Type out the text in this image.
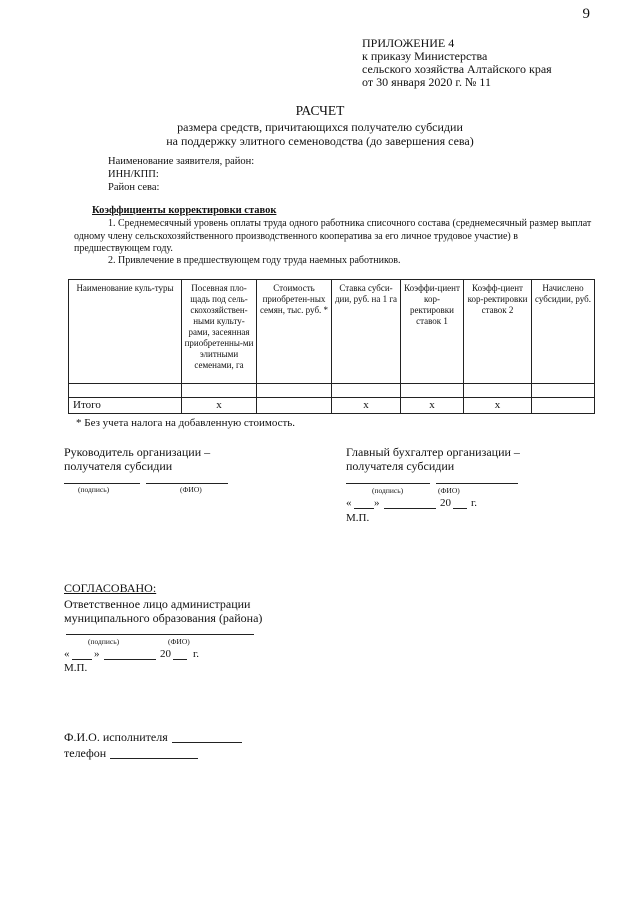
9
ПРИЛОЖЕНИЕ 4
к приказу Министерства
сельского хозяйства Алтайского края
от 30 января 2020 г. № 11
РАСЧЕТ
размера средств, причитающихся получателю субсидии
на поддержку элитного семеноводства (до завершения сева)
Наименование заявителя, район:
ИНН/КПП:
Район сева:
Коэффициенты корректировки ставок
1. Среднемесячный уровень оплаты труда одного работника списочного состава (среднемесячный размер выплат одному члену сельскохозяйственного производственного кооператива за его личное трудовое участие) в предшествующем году.
2. Привлечение в предшествующем году труда наемных работников.
Наименование куль-туры	Посевная пло-щадь под сель-скохозяйствен-ными культу-рами, засеянная приобретенны-ми элитными семенами, га	Стоимость приобретен-ных семян, тыс. руб. *	Ставка субси-дии, руб. на 1 га	Коэффи-циент кор-ректировки ставок 1	Коэфф-циент кор-ректировки ставок 2	Начислено субсидии, руб.

Итого	х		х	х	х	
* Без учета налога на добавленную стоимость.
Руководитель организации –
получателя субсидии
(подпись)	(ФИО)
Главный бухгалтер организации –
получателя субсидии
(подпись)	(ФИО)
« »	20 г.
М.П.
СОГЛАСОВАНО:
Ответственное лицо администрации
муниципального образования (района)
(подпись)	(ФИО)
« »	20 г.
М.П.
Ф.И.О. исполнителя
телефон
